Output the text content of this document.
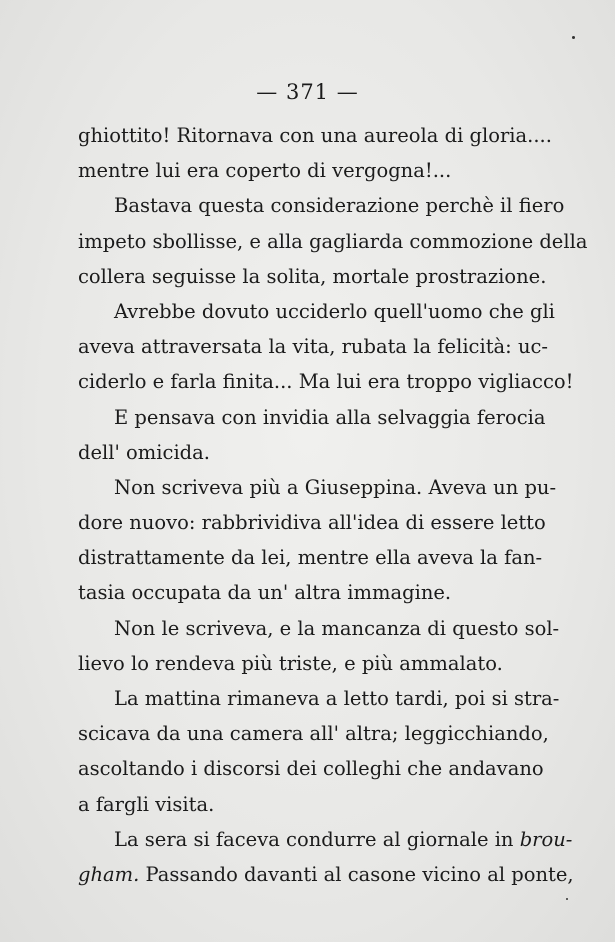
— 371 —
ghiottito! Ritornava con una aureola di gloria....
mentre lui era coperto di vergogna!...
Bastava questa considerazione perchè il fiero
impeto sbollisse, e alla gagliarda commozione della
collera seguisse la solita, mortale prostrazione.
Avrebbe dovuto ucciderlo quell'uomo che gli
aveva attraversata la vita, rubata la felicità: uc-
ciderlo e farla finita... Ma lui era troppo vigliacco!
E pensava con invidia alla selvaggia ferocia
dell' omicida.
Non scriveva più a Giuseppina. Aveva un pu-
dore nuovo: rabbrividiva all'idea di essere letto
distrattamente da lei, mentre ella aveva la fan-
tasia occupata da un' altra immagine.
Non le scriveva, e la mancanza di questo sol-
lievo lo rendeva più triste, e più ammalato.
La mattina rimaneva a letto tardi, poi si stra-
scicava da una camera all' altra; leggicchiando,
ascoltando i discorsi dei colleghi che andavano
a fargli visita.
La sera si faceva condurre al giornale in brou-
gham. Passando davanti al casone vicino al ponte,
